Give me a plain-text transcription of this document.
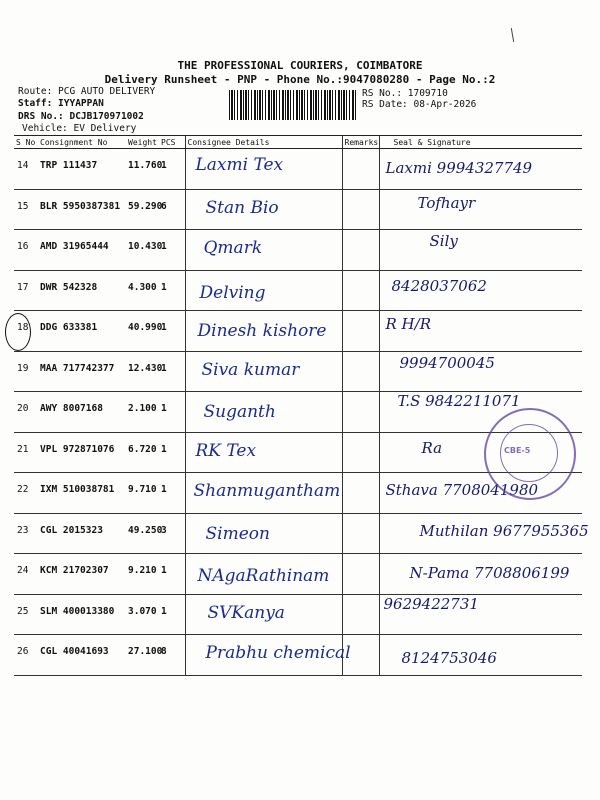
THE PROFESSIONAL COURIERS, COIMBATORE
Delivery Runsheet - PNP - Phone No.:9047080280 - Page No.:2
Route: PCG AUTO DELIVERY
Staff: IYYAPPAN
DRS No.: DCJB170971002
Vehicle: EV Delivery
RS No.: 1709710
RS Date: 08-Apr-2026
S No	Consignment No	Weight	PCS	Consignee Details	Remarks	Seal & Signature

14	TRP 111437	11.760	1	Laxmi Tex		Laxmi 9994327749

15	BLR 5950387381	59.290	6	Stan Bio		Tofhayr

16	AMD 31965444	10.430	1	Qmark		Sily

17	DWR 542328	4.300	1	Delving		8428037062

18	DDG 633381	40.990	1	Dinesh kishore		R H/R

19	MAA 717742377	12.430	1	Siva kumar		9994700045

20	AWY 8007168	2.100	1	Suganth		T.S 9842211071

21	VPL 972871076	6.720	1	RK Tex		Ra

22	IXM 510038781	9.710	1	Shanmugantham		Sthava 7708041980

23	CGL 2015323	49.250	3	Simeon		Muthilan 9677955365

24	KCM 21702307	9.210	1	NAgaRathinam		N-Pama 7708806199

25	SLM 400013380	3.070	1	SVKanya		9629422731

26	CGL 40041693	27.100	8	Prabhu chemical		8124753046
CBE-5
